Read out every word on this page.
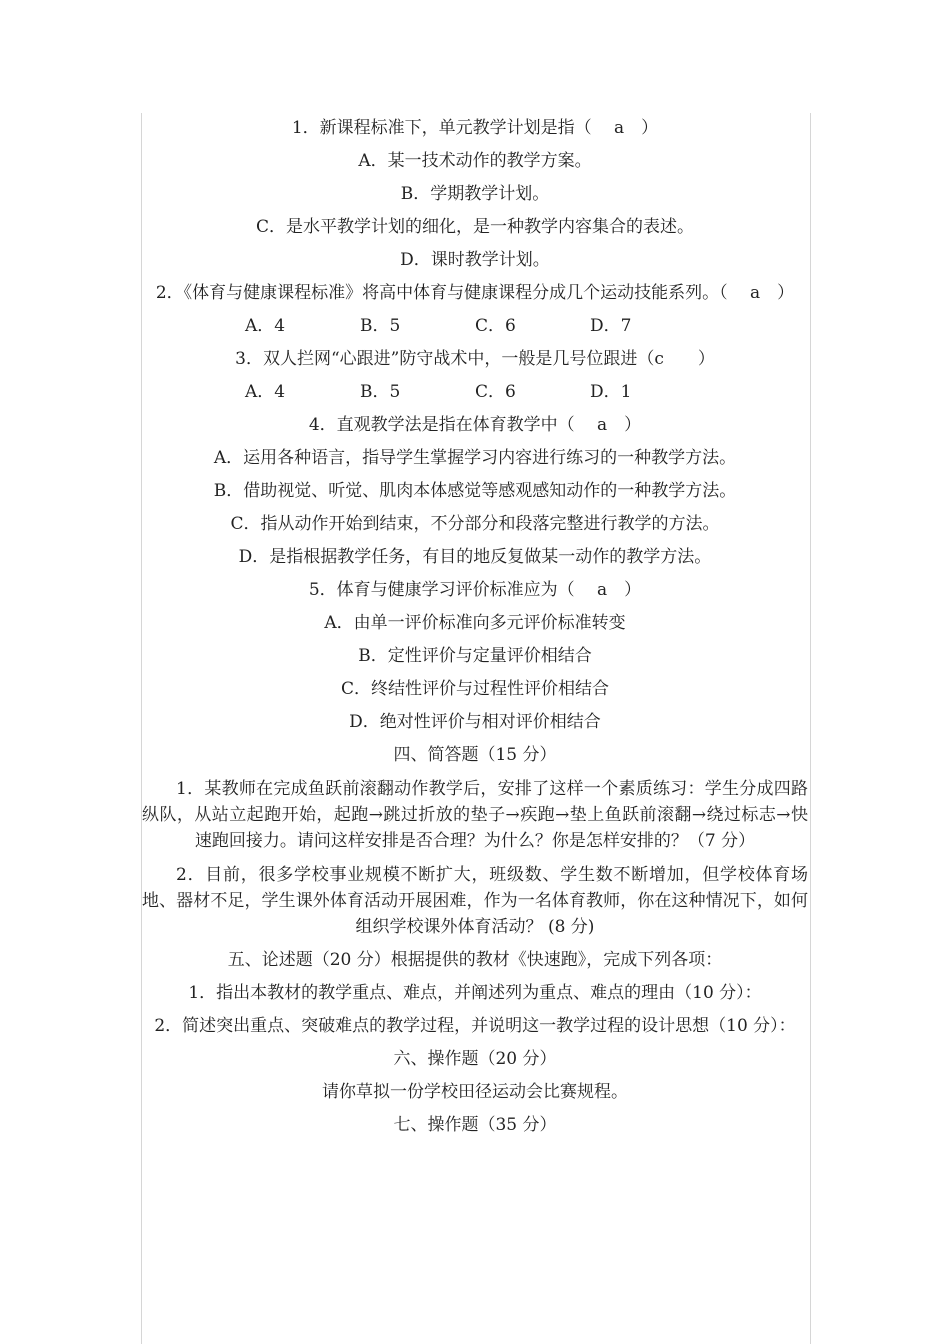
1．新课程标准下，单元教学计划是指（　 a　）
A．某一技术动作的教学方案。
B．学期教学计划。
C．是水平教学计划的细化，是一种教学内容集合的表述。
D．课时教学计划。
2．《体育与健康课程标准》将高中体育与健康课程分成几个运动技能系列。（　 a　）
A．4	B．5	C．6	D．7
3．双人拦网“心跟进”防守战术中，一般是几号位跟进（c　　）
A．4	B．5	C．6	D．1
4．直观教学法是指在体育教学中（　 a　）
A．运用各种语言，指导学生掌握学习内容进行练习的一种教学方法。
B．借助视觉、听觉、肌肉本体感觉等感观感知动作的一种教学方法。
C．指从动作开始到结束，不分部分和段落完整进行教学的方法。
D．是指根据教学任务，有目的地反复做某一动作的教学方法。
5．体育与健康学习评价标准应为（　 a　）
A．由单一评价标准向多元评价标准转变
B．定性评价与定量评价相结合
C．终结性评价与过程性评价相结合
D．绝对性评价与相对评价相结合
四、简答题（15 分）
1．某教师在完成鱼跃前滚翻动作教学后，安排了这样一个素质练习：学生分成四路纵队，从站立起跑开始，起跑→跳过折放的垫子→疾跑→垫上鱼跃前滚翻→绕过标志→快速跑回接力。请问这样安排是否合理？为什么？你是怎样安排的？（7 分）
2．目前，很多学校事业规模不断扩大，班级数、学生数不断增加，但学校体育场地、器材不足，学生课外体育活动开展困难，作为一名体育教师，你在这种情况下，如何组织学校课外体育活动？ (8 分)
五、论述题（20 分）根据提供的教材《快速跑》，完成下列各项：
1．指出本教材的教学重点、难点，并阐述列为重点、难点的理由（10 分）：
2．简述突出重点、突破难点的教学过程，并说明这一教学过程的设计思想（10 分）：
六、操作题（20 分）
请你草拟一份学校田径运动会比赛规程。
七、操作题（35 分）
